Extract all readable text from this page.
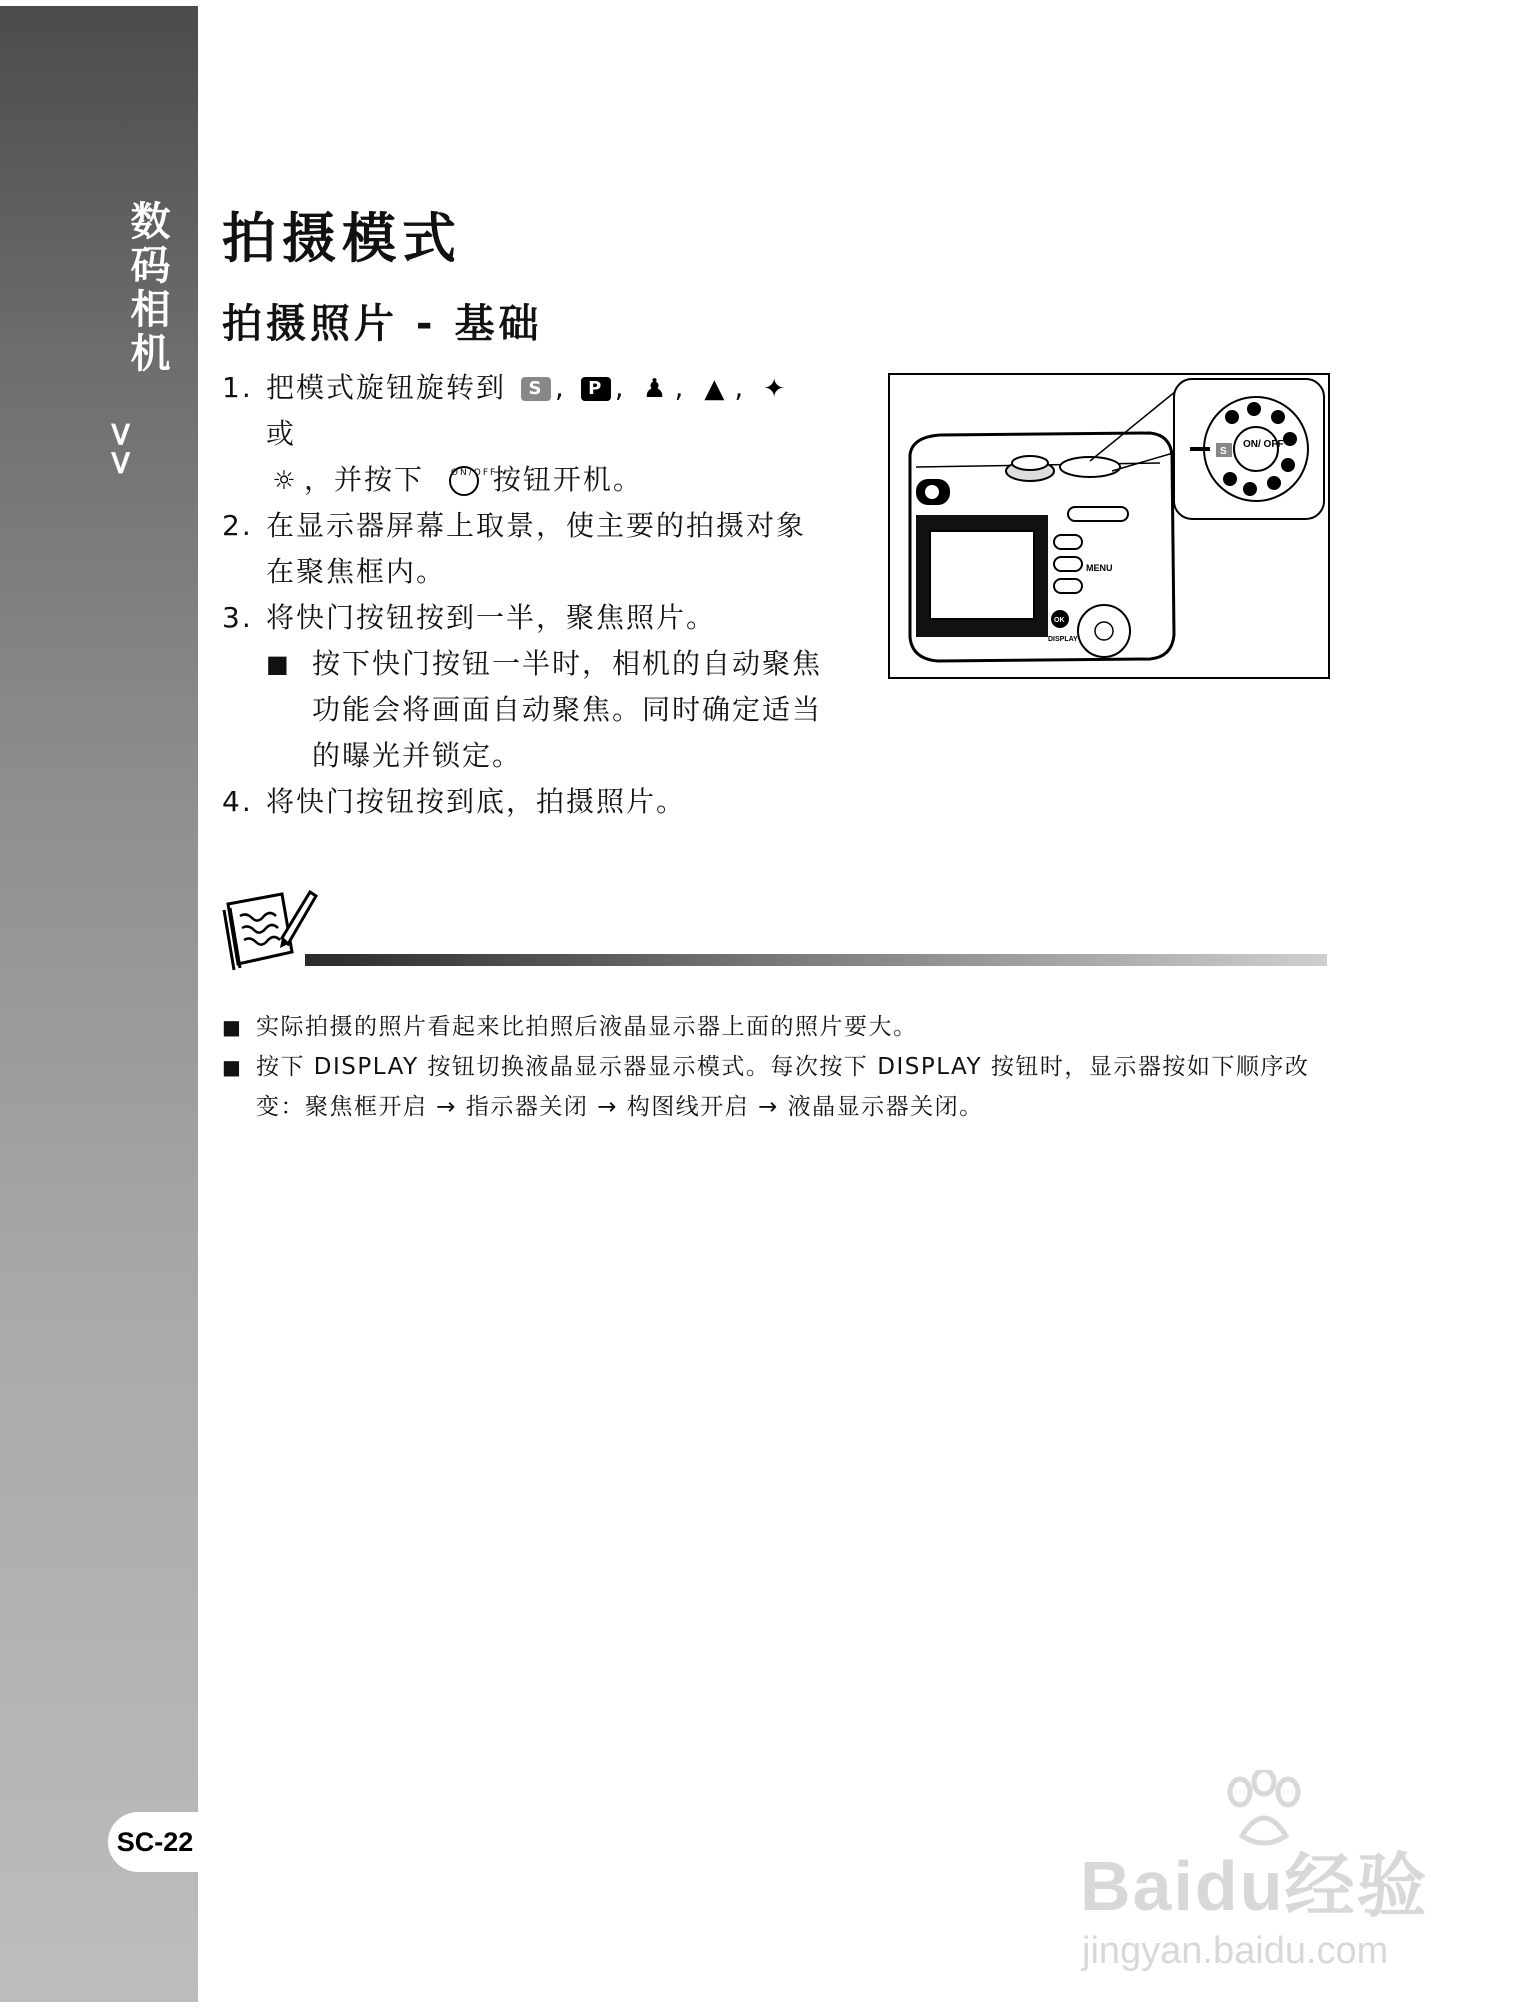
数码相机
>>
SC-22
拍摄模式
拍摄照片 - 基础
1. 把模式旋钮旋转到 S , P , ♟ , ▲ , ✦ 或
☼ ，并按下	ON/OFF按钮开机。
2. 在显示器屏幕上取景，使主要的拍摄对象在聚焦框内。
3. 将快门按钮按到一半，聚焦照片。
■ 按下快门按钮一半时，相机的自动聚焦功能会将画面自动聚焦。同时确定适当的曝光并锁定。
4. 将快门按钮按到底，拍摄照片。
MENU
OK
DISPLAY
ON/ OFF
S
■ 实际拍摄的照片看起来比拍照后液晶显示器上面的照片要大。
■ 按下 DISPLAY 按钮切换液晶显示器显示模式。每次按下 DISPLAY 按钮时，显示器按如下顺序改变：聚焦框开启 → 指示器关闭 → 构图线开启 → 液晶显示器关闭。
Baidu经验
jingyan.baidu.com
